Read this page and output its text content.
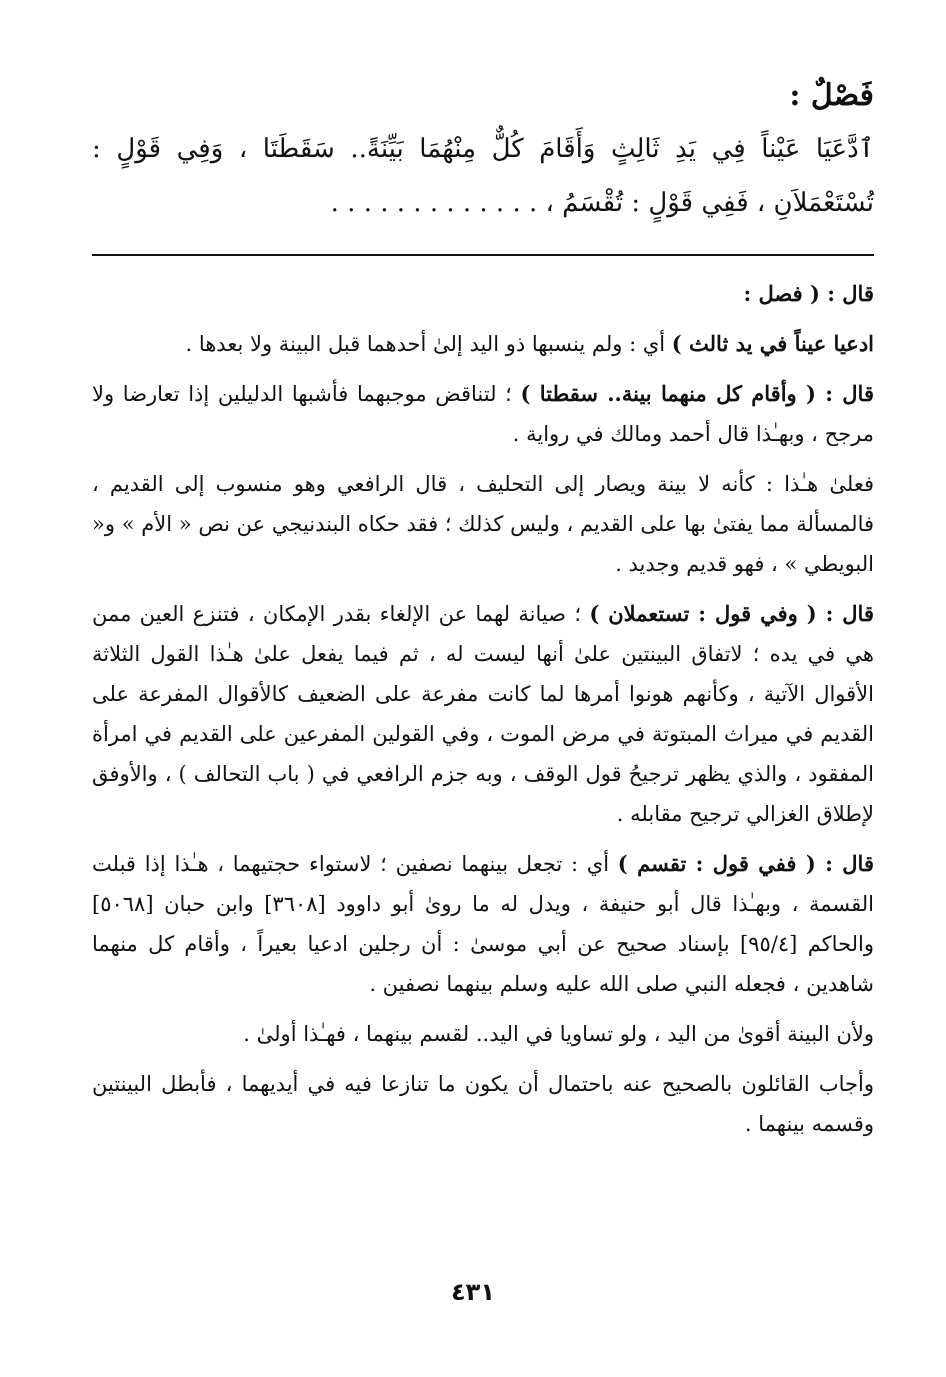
فَصْلٌ :

ٱدَّعَيَا عَيْناً فِي يَدِ ثَالِثٍ وَأَقَامَ كُلٌّ مِنْهُمَا بَيِّنَةً.. سَقَطَتَا ، وَفِي قَوْلٍ : تُسْتَعْمَلاَنِ ، فَفِي قَوْلٍ : تُقْسَمُ ، . . . . . . . . . . . . .

قال : ( فصل :

ادعيا عيناً في يد ثالث ) أي : ولم ينسبها ذو اليد إلىٰ أحدهما قبل البينة ولا بعدها .

قال : ( وأقام كل منهما بينة.. سقطتا ) ؛ لتناقض موجبهما فأشبها الدليلين إذا تعارضا ولا مرجح ، وبهـٰذا قال أحمد ومالك في رواية .

فعلىٰ هـٰذا : كأنه لا بينة ويصار إلى التحليف ، قال الرافعي وهو منسوب إلى القديم ، فالمسألة مما يفتىٰ بها على القديم ، وليس كذلك ؛ فقد حكاه البندنيجي عن نص « الأم » و« البويطي » ، فهو قديم وجديد .

قال : ( وفي قول : تستعملان ) ؛ صيانة لهما عن الإلغاء بقدر الإمكان ، فتنزع العين ممن هي في يده ؛ لاتفاق البينتين علىٰ أنها ليست له ، ثم فيما يفعل علىٰ هـٰذا القول الثلاثة الأقوال الآتية ، وكأنهم هونوا أمرها لما كانت مفرعة على الضعيف كالأقوال المفرعة على القديم في ميراث المبتوتة في مرض الموت ، وفي القولين المفرعين على القديم في امرأة المفقود ، والذي يظهر ترجيحُ قول الوقف ، وبه جزم الرافعي في ( باب التحالف ) ، والأوفق لإطلاق الغزالي ترجيح مقابله .

قال : ( ففي قول : تقسم ) أي : تجعل بينهما نصفين ؛ لاستواء حجتيهما ، هـٰذا إذا قبلت القسمة ، وبهـٰذا قال أبو حنيفة ، ويدل له ما روىٰ أبو داوود [٣٦٠٨] وابن حبان [٥٠٦٨] والحاكم [٩٥/٤] بإسناد صحيح عن أبي موسىٰ : أن رجلين ادعيا بعيراً ، وأقام كل منهما شاهدين ، فجعله النبي صلى الله عليه وسلم بينهما نصفين .

ولأن البينة أقوىٰ من اليد ، ولو تساويا في اليد.. لقسم بينهما ، فهـٰذا أولىٰ .

وأجاب القائلون بالصحيح عنه باحتمال أن يكون ما تنازعا فيه في أيديهما ، فأبطل البينتين وقسمه بينهما .

٤٣١
